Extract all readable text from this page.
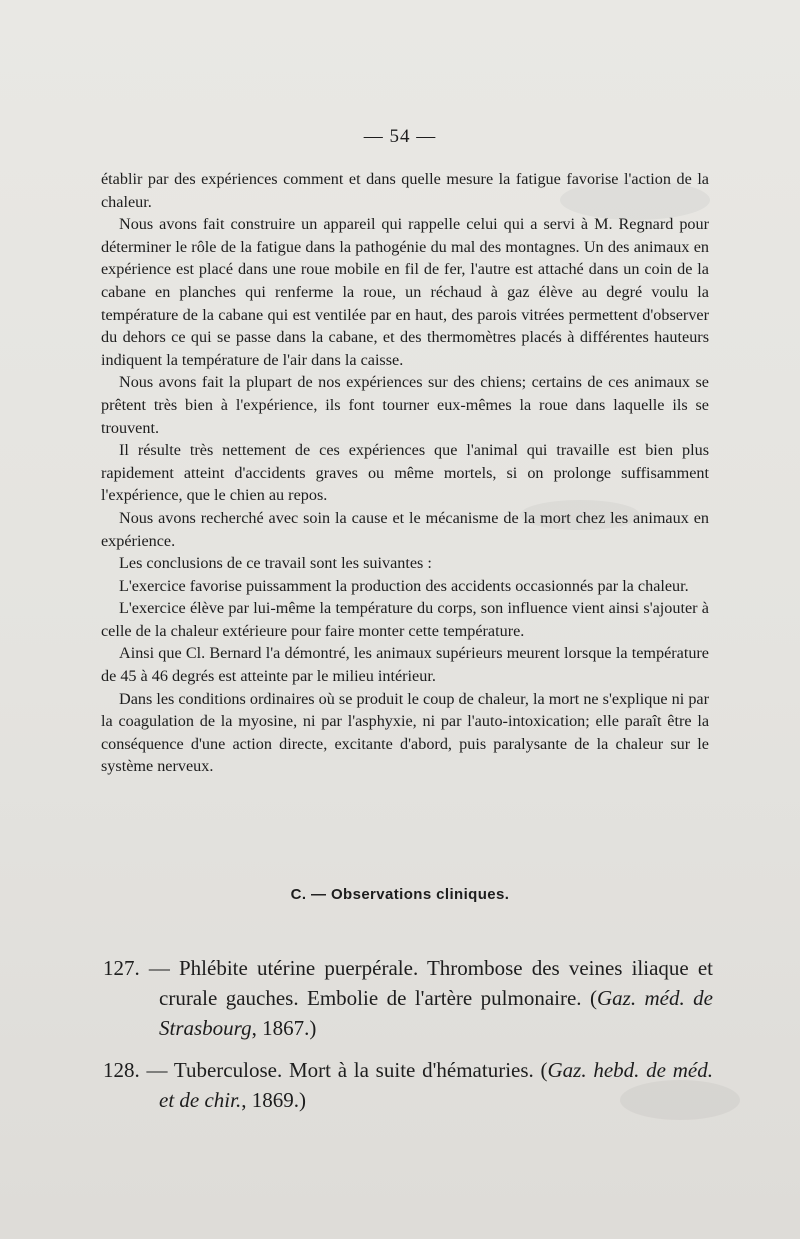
— 54 —

établir par des expériences comment et dans quelle mesure la fatigue favorise l'action de la chaleur.

Nous avons fait construire un appareil qui rappelle celui qui a servi à M. Regnard pour déterminer le rôle de la fatigue dans la pathogénie du mal des montagnes. Un des animaux en expérience est placé dans une roue mobile en fil de fer, l'autre est attaché dans un coin de la cabane en planches qui renferme la roue, un réchaud à gaz élève au degré voulu la température de la cabane qui est ventilée par en haut, des parois vitrées permettent d'observer du dehors ce qui se passe dans la cabane, et des thermomètres placés à différentes hauteurs indiquent la température de l'air dans la caisse.

Nous avons fait la plupart de nos expériences sur des chiens; certains de ces animaux se prêtent très bien à l'expérience, ils font tourner eux-mêmes la roue dans laquelle ils se trouvent.

Il résulte très nettement de ces expériences que l'animal qui travaille est bien plus rapidement atteint d'accidents graves ou même mortels, si on prolonge suffisamment l'expérience, que le chien au repos.

Nous avons recherché avec soin la cause et le mécanisme de la mort chez les animaux en expérience.

Les conclusions de ce travail sont les suivantes :

L'exercice favorise puissamment la production des accidents occasionnés par la chaleur.

L'exercice élève par lui-même la température du corps, son influence vient ainsi s'ajouter à celle de la chaleur extérieure pour faire monter cette température.

Ainsi que Cl. Bernard l'a démontré, les animaux supérieurs meurent lorsque la température de 45 à 46 degrés est atteinte par le milieu intérieur.

Dans les conditions ordinaires où se produit le coup de chaleur, la mort ne s'explique ni par la coagulation de la myosine, ni par l'asphyxie, ni par l'auto-intoxication; elle paraît être la conséquence d'une action directe, excitante d'abord, puis paralysante de la chaleur sur le système nerveux.

C. — Observations cliniques.
127. — Phlébite utérine puerpérale. Thrombose des veines iliaque et crurale gauches. Embolie de l'artère pulmonaire. (Gaz. méd. de Strasbourg, 1867.)
128. — Tuberculose. Mort à la suite d'hématuries. (Gaz. hebd. de méd. et de chir., 1869.)
